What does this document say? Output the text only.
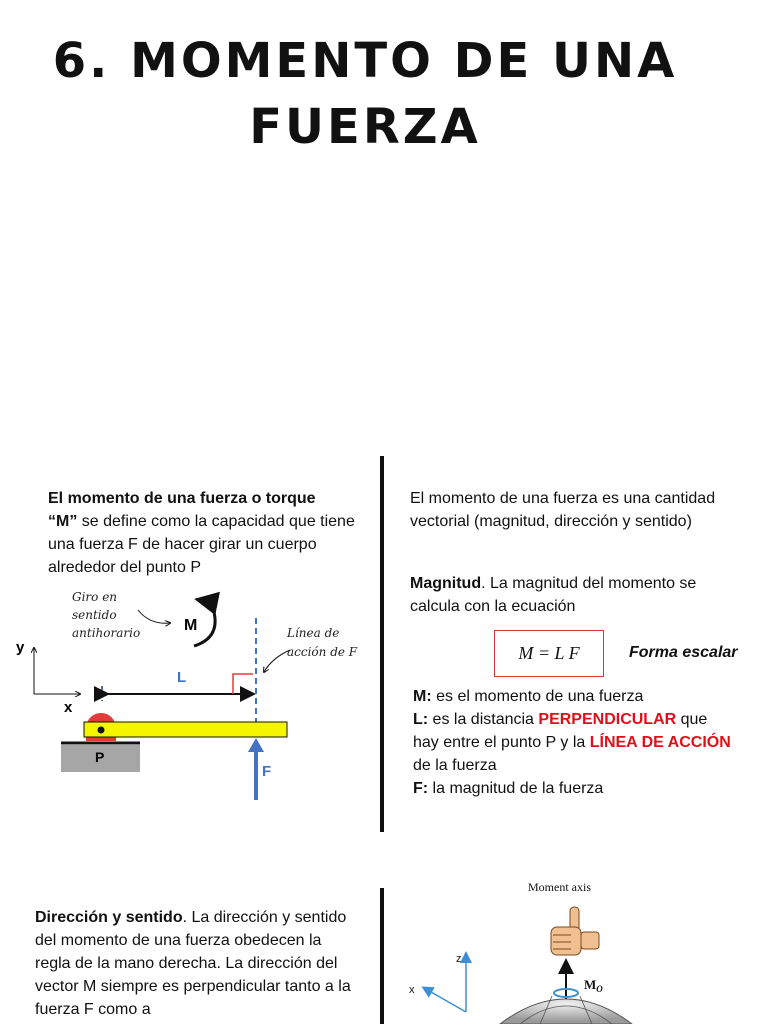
6. MOMENTO DE UNA
FUERZA
El momento de una fuerza o torque
“M” se define como la capacidad que tiene una fuerza F de hacer girar un cuerpo alrededor del punto P
Giro en
sentido
antihorario	M	Línea de
acción de F
y
x
L
P
F
El momento de una fuerza es una cantidad vectorial (magnitud, dirección y sentido)
Magnitud. La magnitud del momento se calcula con la ecuación
M = L F	Forma escalar
M: es el momento de una fuerza
L: es la distancia PERPENDICULAR que hay entre el punto P y la LÍNEA DE ACCIÓN de la fuerza
F: la magnitud de la fuerza
Dirección y sentido. La dirección y sentido del momento de una fuerza obedecen la regla de la mano derecha. La dirección del vector M siempre es perpendicular tanto a la fuerza F como a
Moment axis
$M_O$
z
x
